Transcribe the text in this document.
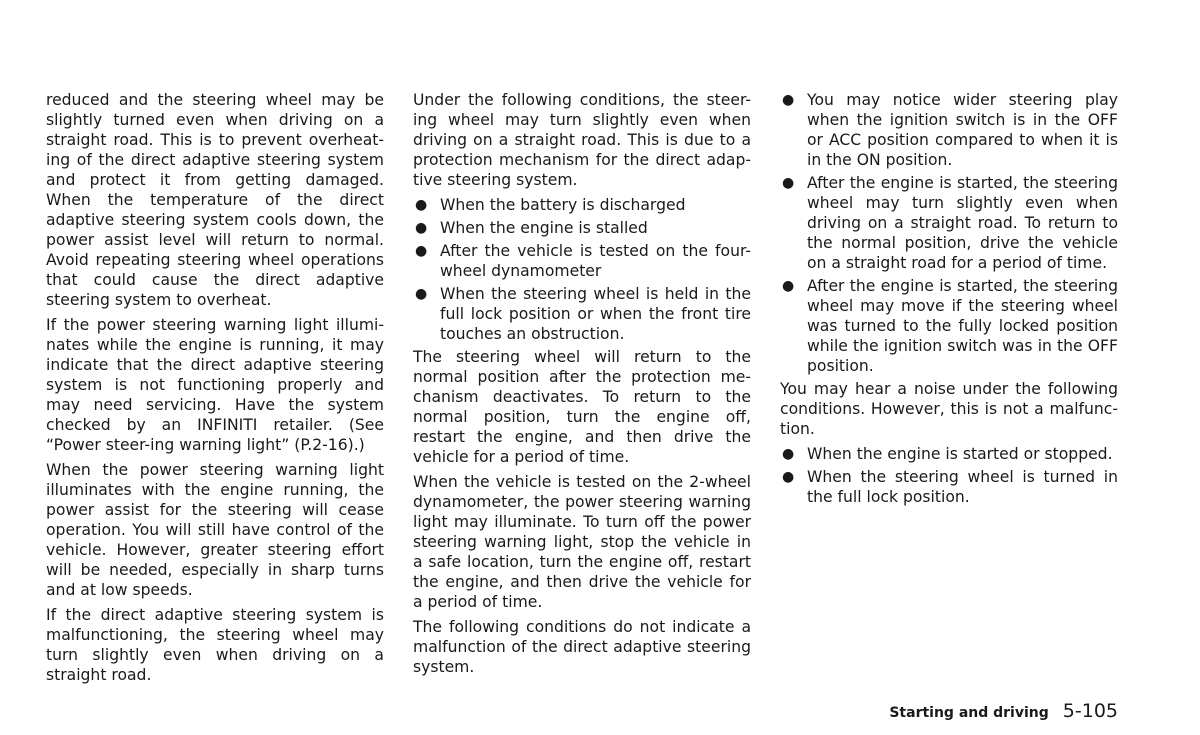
reduced and the steering wheel may be slightly turned even when driving on a straight road. This is to prevent overheat-ing of the direct adaptive steering system and protect it from getting damaged. When the temperature of the direct adaptive steering system cools down, the power assist level will return to normal. Avoid repeating steering wheel operations that could cause the direct adaptive steering system to overheat.

If the power steering warning light illumi-nates while the engine is running, it may indicate that the direct adaptive steering system is not functioning properly and may need servicing. Have the system checked by an INFINITI retailer. (See “Power steer-ing warning light” (P.2-16).)

When the power steering warning light illuminates with the engine running, the power assist for the steering will cease operation. You will still have control of the vehicle. However, greater steering effort will be needed, especially in sharp turns and at low speeds.

If the direct adaptive steering system is malfunctioning, the steering wheel may turn slightly even when driving on a straight road.

Under the following conditions, the steer-ing wheel may turn slightly even when driving on a straight road. This is due to a protection mechanism for the direct adap-tive steering system.

● When the battery is discharged
● When the engine is stalled
● After the vehicle is tested on the four-wheel dynamometer
● When the steering wheel is held in the full lock position or when the front tire touches an obstruction.

The steering wheel will return to the normal position after the protection me-chanism deactivates. To return to the normal position, turn the engine off, restart the engine, and then drive the vehicle for a period of time.

When the vehicle is tested on the 2-wheel dynamometer, the power steering warning light may illuminate. To turn off the power steering warning light, stop the vehicle in a safe location, turn the engine off, restart the engine, and then drive the vehicle for a period of time.

The following conditions do not indicate a malfunction of the direct adaptive steering system.

● You may notice wider steering play when the ignition switch is in the OFF or ACC position compared to when it is in the ON position.
● After the engine is started, the steering wheel may turn slightly even when driving on a straight road. To return to the normal position, drive the vehicle on a straight road for a period of time.
● After the engine is started, the steering wheel may move if the steering wheel was turned to the fully locked position while the ignition switch was in the OFF position.

You may hear a noise under the following conditions. However, this is not a malfunc-tion.

● When the engine is started or stopped.
● When the steering wheel is turned in the full lock position.
Starting and driving 5-105
